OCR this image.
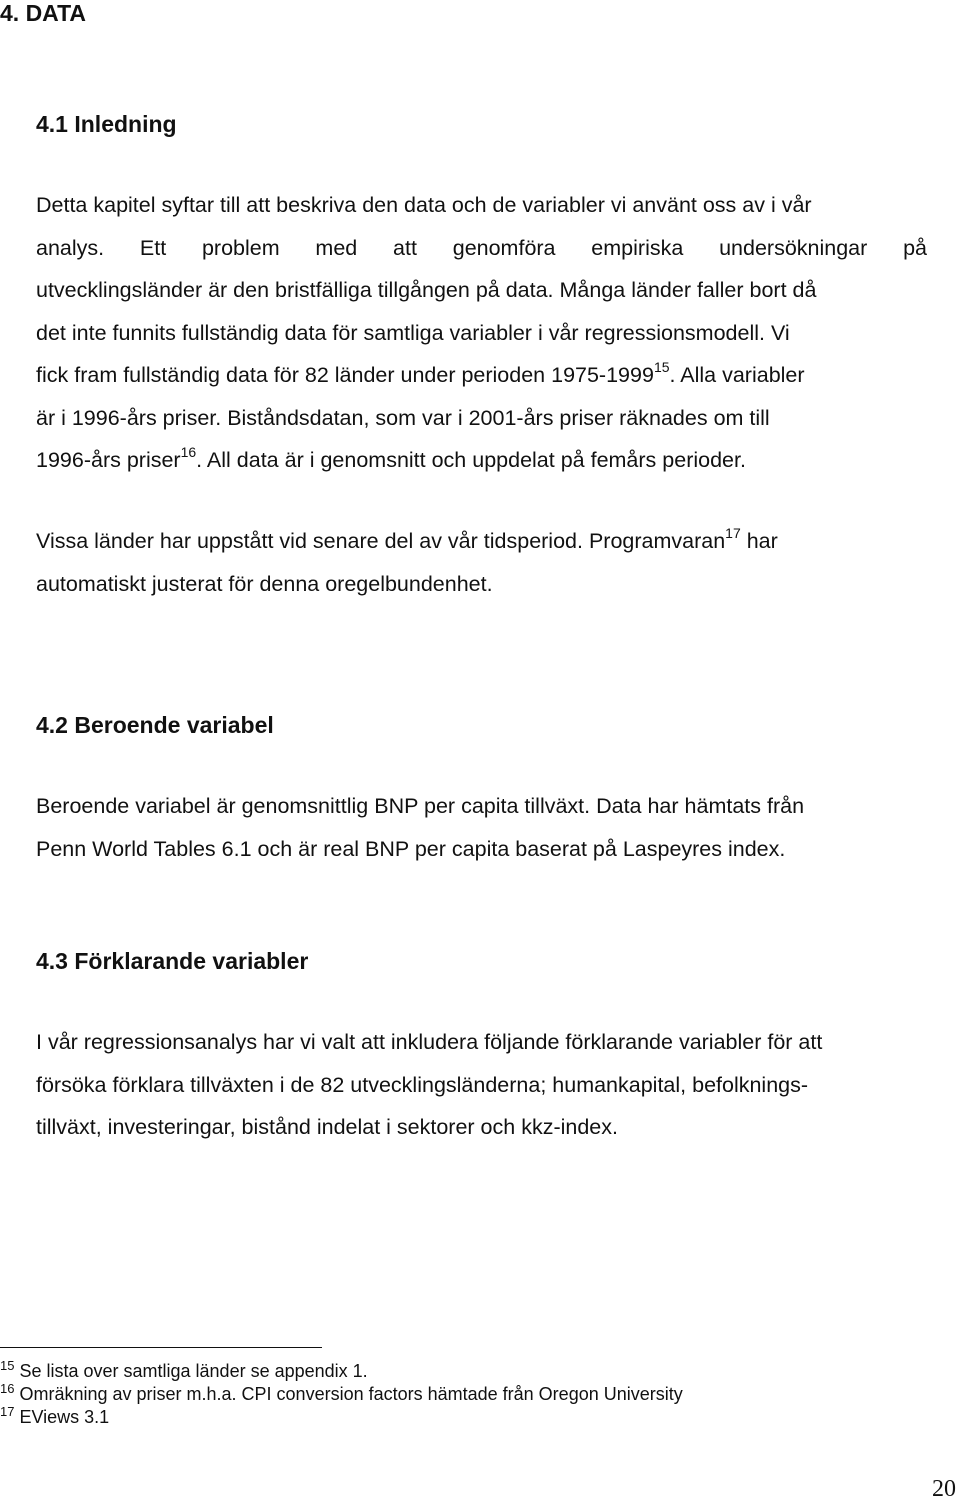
4. DATA
4.1 Inledning
Detta kapitel syftar till att beskriva den data och de variabler vi använt oss av i vår
analys. Ett problem med att genomföra empiriska undersökningar på
utvecklingsländer är den bristfälliga tillgången på data. Många länder faller bort då
det inte funnits fullständig data för samtliga variabler i vår regressionsmodell. Vi
fick fram fullständig data för 82 länder under perioden 1975-1999$^{15}$. Alla variabler
är i 1996-års priser. Biståndsdatan, som var i 2001-års priser räknades om till
1996-års priser$^{16}$. All data är i genomsnitt och uppdelat på femårs perioder.
Vissa länder har uppstått vid senare del av vår tidsperiod. Programvaran$^{17}$ har
automatiskt justerat för denna oregelbundenhet.
4.2 Beroende variabel
Beroende variabel är genomsnittlig BNP per capita tillväxt. Data har hämtats från
Penn World Tables 6.1 och är real BNP per capita baserat på Laspeyres index.
4.3 Förklarande variabler
I vår regressionsanalys har vi valt att inkludera följande förklarande variabler för att
försöka förklara tillväxten i de 82 utvecklingsländerna; humankapital, befolknings-
tillväxt, investeringar, bistånd indelat i sektorer och kkz-index.
$^{15}$ Se lista over samtliga länder se appendix 1.
$^{16}$ Omräkning av priser m.h.a. CPI conversion factors hämtade från Oregon University
$^{17}$ EViews 3.1
20
